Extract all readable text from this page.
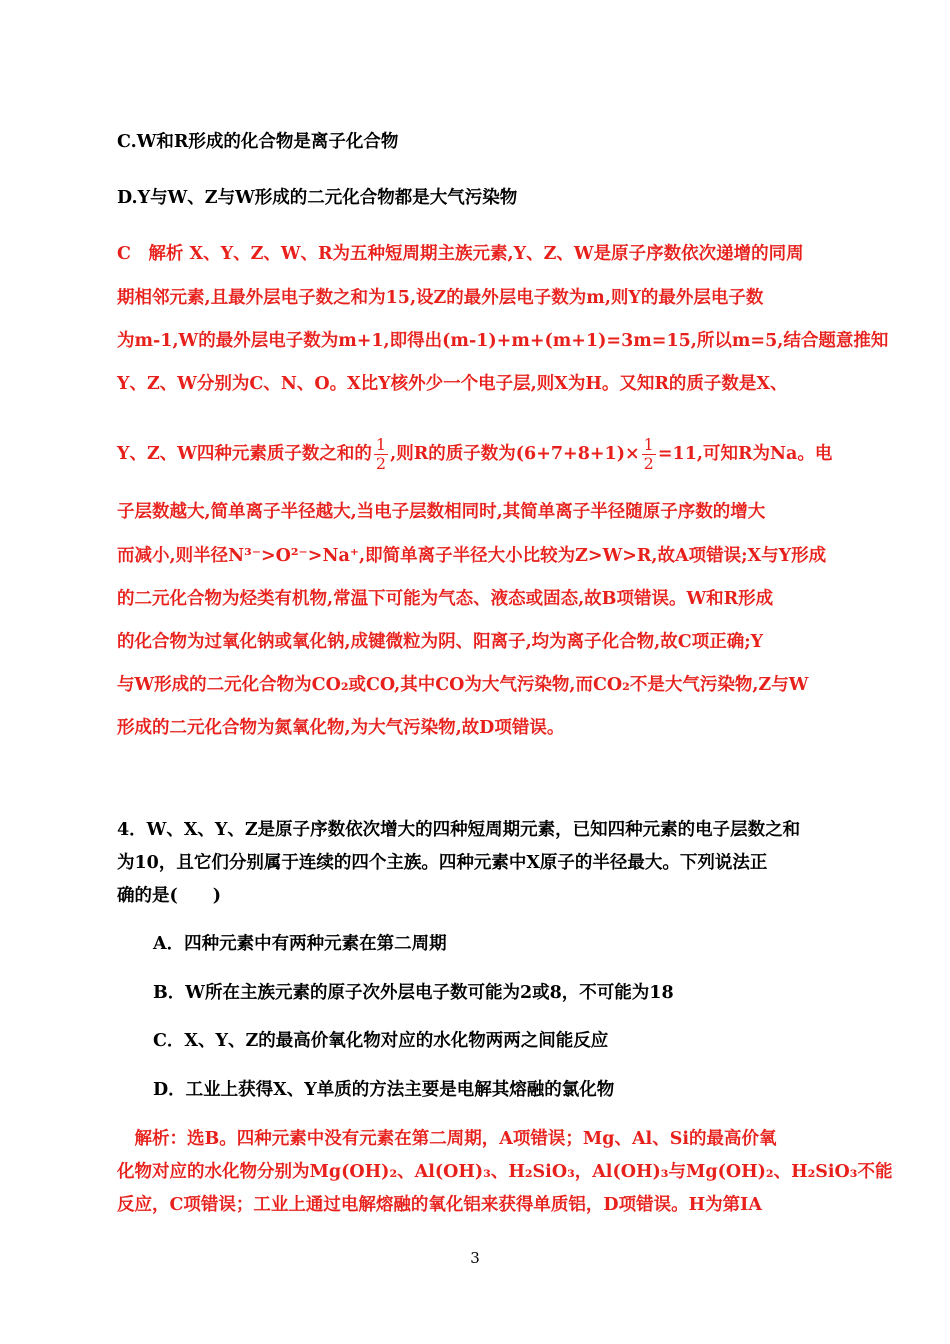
C.W和R形成的化合物是离子化合物

D.Y与W、Z与W形成的二元化合物都是大气污染物

C　解析 X、Y、Z、W、R为五种短周期主族元素,Y、Z、W是原子序数依次递增的同周

期相邻元素,且最外层电子数之和为15,设Z的最外层电子数为m,则Y的最外层电子数

为m-1,W的最外层电子数为m+1,即得出(m-1)+m+(m+1)=3m=15,所以m=5,结合题意推知

Y、Z、W分别为C、N、O。X比Y核外少一个电子层,则X为H。又知R的质子数是X、

Y、Z、W四种元素质子数之和的 $\frac{1}{2}$ ,则R的质子数为$(6+7+8+1)\times \frac{1}{2} =11$,可知R为Na。电

子层数越大,简单离子半径越大,当电子层数相同时,其简单离子半径随原子序数的增大

而减小,则半径N³⁻>O²⁻>Na⁺,即简单离子半径大小比较为Z>W>R,故A项错误;X与Y形成

的二元化合物为烃类有机物,常温下可能为气态、液态或固态,故B项错误。W和R形成

的化合物为过氧化钠或氧化钠,成键微粒为阴、阳离子,均为离子化合物,故C项正确;Y

与W形成的二元化合物为CO₂或CO,其中CO为大气污染物,而CO₂不是大气污染物,Z与W

形成的二元化合物为氮氧化物,为大气污染物,故D项错误。

4．W、X、Y、Z是原子序数依次增大的四种短周期元素，已知四种元素的电子层数之和

为10，且它们分别属于连续的四个主族。四种元素中X原子的半径最大。下列说法正

确的是(　　)

A．四种元素中有两种元素在第二周期

B．W所在主族元素的原子次外层电子数可能为2或8，不可能为18

C．X、Y、Z的最高价氧化物对应的水化物两两之间能反应

D．工业上获得X、Y单质的方法主要是电解其熔融的氯化物

　解析：选B。四种元素中没有元素在第二周期，A项错误；Mg、Al、Si的最高价氧

化物对应的水化物分别为Mg(OH)₂、Al(OH)₃、H₂SiO₃，Al(OH)₃与Mg(OH)₂、H₂SiO₃不能

反应，C项错误；工业上通过电解熔融的氧化铝来获得单质铝，D项错误。H为第ⅠA

3
